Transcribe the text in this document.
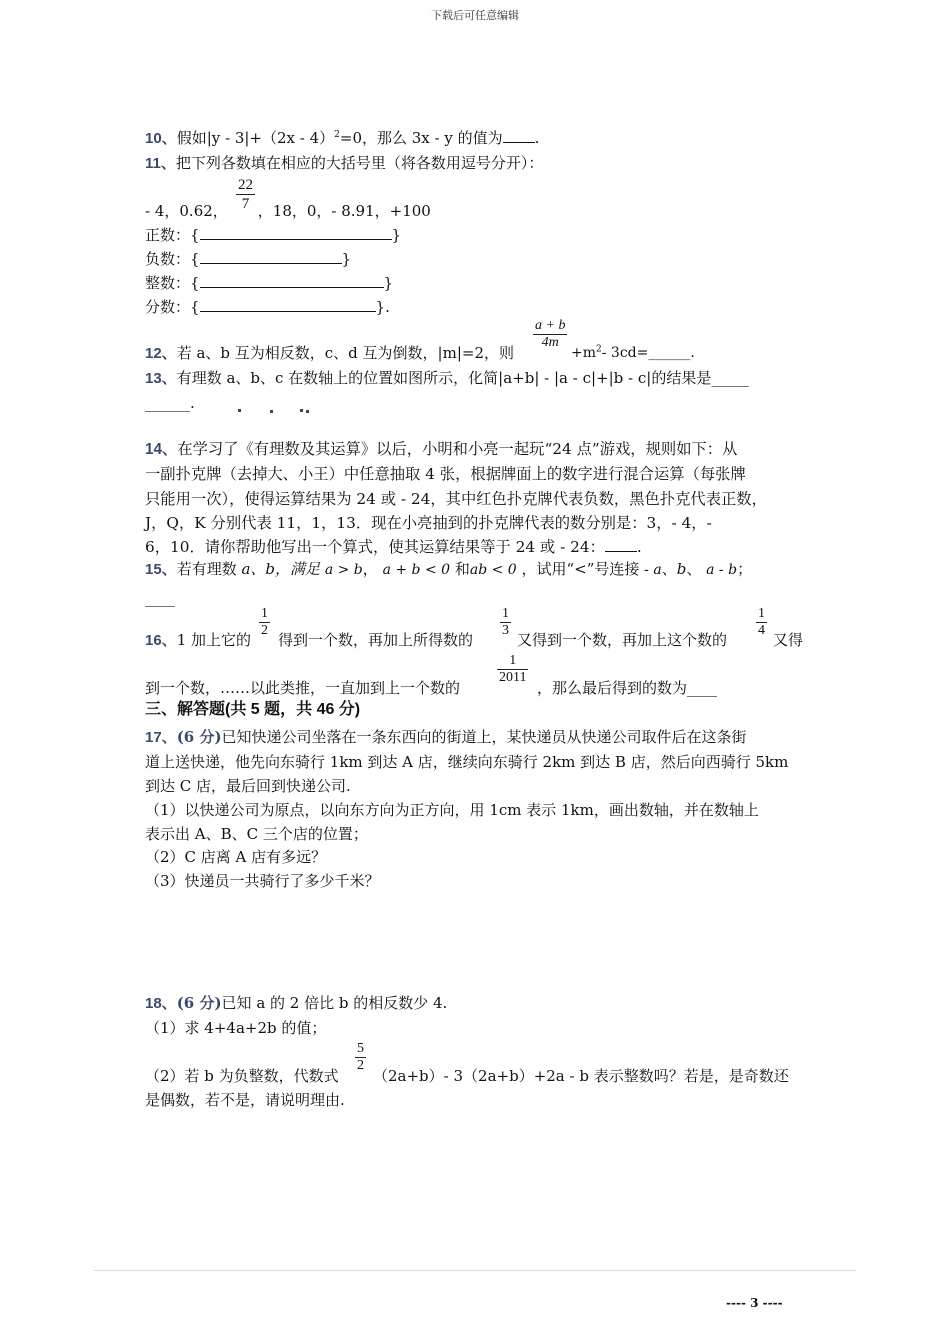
下载后可任意编辑
10、假如|y - 3|+（2x - 4）$^2$=0，那么 3x - y 的值为 .
11、把下列各数填在相应的大括号里（将各数用逗号分开）：
22
7
- 4，0.62， ，18，0，- 8.91，+100
正数：{	}
负数：{	}
整数：{	}
分数：{	}.
a + b
4m
12、若 a、b 互为相反数，c、d 互为倒数，|m|=2，则	$+m^2-$ 3cd=______.
13、有理数 a、b、c 在数轴上的位置如图所示，化简|a+b| - |a - c|+|b - c|的结果是_____
______.
14、在学习了《有理数及其运算》以后，小明和小亮一起玩“24 点”游戏，规则如下：从
一副扑克牌（去掉大、小王）中任意抽取 4 张，根据牌面上的数字进行混合运算（每张牌
只能用一次），使得运算结果为 24 或 - 24，其中红色扑克牌代表负数，黑色扑克代表正数，
J，Q，K 分别代表 11，1，13．现在小亮抽到的扑克牌代表的数分别是：3，- 4，-
6，10．请你帮助他写出一个算式，使其运算结果等于 24 或 - 24： .
15、若有理数 a、b，满足 a > b， a + b < 0 和ab < 0 ，试用“<”号连接 - a、b、 a - b；
____
1
2
1
3
1
4
16、1 加上它的 得到一个数，再加上所得数的	又得到一个数，再加上这个数的	又得
1
2011
到一个数，……以此类推，一直加到上一个数的	，那么最后得到的数为____
三、解答题(共 5 题，共 46 分)
17、(6 分)已知快递公司坐落在一条东西向的街道上，某快递员从快递公司取件后在这条街
道上送快递，他先向东骑行 1km 到达 A 店，继续向东骑行 2km 到达 B 店，然后向西骑行 5km
到达 C 店，最后回到快递公司.
（1）以快递公司为原点，以向东方向为正方向，用 1cm 表示 1km，画出数轴，并在数轴上
表示出 A、B、C 三个店的位置；
（2）C 店离 A 店有多远？
（3）快递员一共骑行了多少千米？
18、(6 分)已知 a 的 2 倍比 b 的相反数少 4.
（1）求 4+4a+2b 的值；
5
2
（2）若 b 为负整数，代数式 （2a+b）- 3（2a+b）+2a - b 表示整数吗？若是，是奇数还
是偶数，若不是，请说明理由.
---- 3 ----
